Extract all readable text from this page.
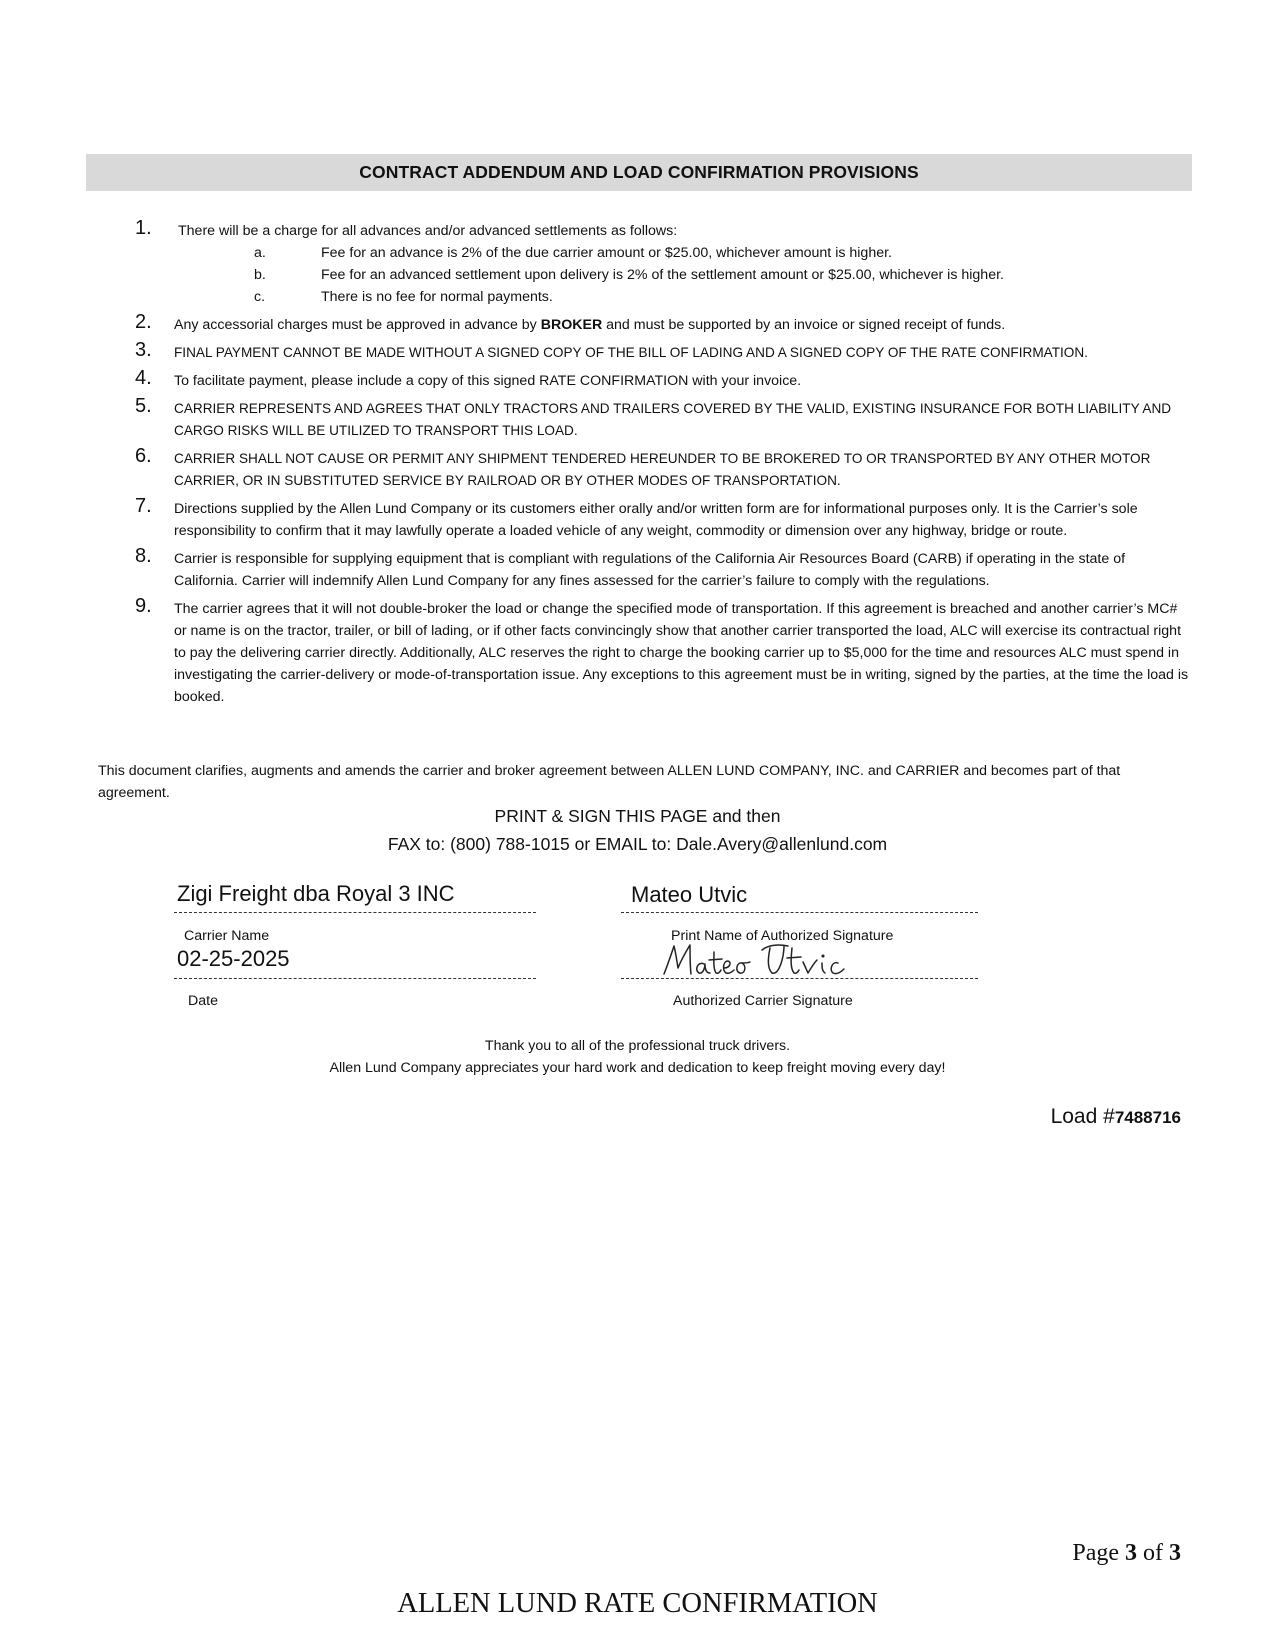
CONTRACT ADDENDUM AND LOAD CONFIRMATION PROVISIONS
1. There will be a charge for all advances and/or advanced settlements as follows:
a.	Fee for an advance is 2% of the due carrier amount or $25.00, whichever amount is higher.
b.	Fee for an advanced settlement upon delivery is 2% of the settlement amount or $25.00, whichever is higher.
c.	There is no fee for normal payments.
2. Any accessorial charges must be approved in advance by BROKER and must be supported by an invoice or signed receipt of funds.
3. FINAL PAYMENT CANNOT BE MADE WITHOUT A SIGNED COPY OF THE BILL OF LADING AND A SIGNED COPY OF THE RATE CONFIRMATION.
4. To facilitate payment, please include a copy of this signed RATE CONFIRMATION with your invoice.
5. CARRIER REPRESENTS AND AGREES THAT ONLY TRACTORS AND TRAILERS COVERED BY THE VALID, EXISTING INSURANCE FOR BOTH LIABILITY AND CARGO RISKS WILL BE UTILIZED TO TRANSPORT THIS LOAD.
6. CARRIER SHALL NOT CAUSE OR PERMIT ANY SHIPMENT TENDERED HEREUNDER TO BE BROKERED TO OR TRANSPORTED BY ANY OTHER MOTOR CARRIER, OR IN SUBSTITUTED SERVICE BY RAILROAD OR BY OTHER MODES OF TRANSPORTATION.
7. Directions supplied by the Allen Lund Company or its customers either orally and/or written form are for informational purposes only. It is the Carrier’s sole responsibility to confirm that it may lawfully operate a loaded vehicle of any weight, commodity or dimension over any highway, bridge or route.
8. Carrier is responsible for supplying equipment that is compliant with regulations of the California Air Resources Board (CARB) if operating in the state of California. Carrier will indemnify Allen Lund Company for any fines assessed for the carrier’s failure to comply with the regulations.
9. The carrier agrees that it will not double-broker the load or change the specified mode of transportation. If this agreement is breached and another carrier’s MC# or name is on the tractor, trailer, or bill of lading, or if other facts convincingly show that another carrier transported the load, ALC will exercise its contractual right to pay the delivering carrier directly. Additionally, ALC reserves the right to charge the booking carrier up to $5,000 for the time and resources ALC must spend in investigating the carrier-delivery or mode-of-transportation issue. Any exceptions to this agreement must be in writing, signed by the parties, at the time the load is booked.
This document clarifies, augments and amends the carrier and broker agreement between ALLEN LUND COMPANY, INC. and CARRIER and becomes part of that agreement.
PRINT & SIGN THIS PAGE and then
FAX to: (800) 788-1015 or EMAIL to: Dale.Avery@allenlund.com
Zigi Freight dba Royal 3 INC
Carrier Name
Mateo Utvic
Print Name of Authorized Signature
02-25-2025
Date	Authorized Carrier Signature
Thank you to all of the professional truck drivers.
Allen Lund Company appreciates your hard work and dedication to keep freight moving every day!
Load #7488716
Page 3 of 3
ALLEN LUND RATE CONFIRMATION
